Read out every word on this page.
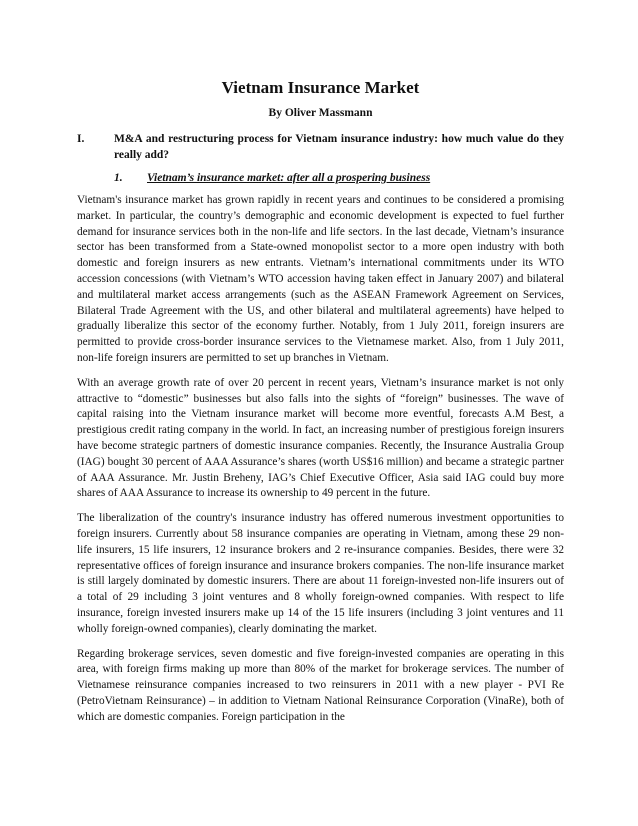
Vietnam Insurance Market

By Oliver Massmann

I.	M&A and restructuring process for Vietnam insurance industry: how much value do they really add?
1.	Vietnam’s insurance market: after all a prospering business

Vietnam's insurance market has grown rapidly in recent years and continues to be considered a promising market. In particular, the country’s demographic and economic development is expected to fuel further demand for insurance services both in the non-life and life sectors. In the last decade, Vietnam’s insurance sector has been transformed from a State-owned monopolist sector to a more open industry with both domestic and foreign insurers as new entrants. Vietnam’s international commitments under its WTO accession concessions (with Vietnam’s WTO accession having taken effect in January 2007) and bilateral and multilateral market access arrangements (such as the ASEAN Framework Agreement on Services, Bilateral Trade Agreement with the US, and other bilateral and multilateral agreements) have helped to gradually liberalize this sector of the economy further. Notably, from 1 July 2011, foreign insurers are permitted to provide cross-border insurance services to the Vietnamese market. Also, from 1 July 2011, non-life foreign insurers are permitted to set up branches in Vietnam.

With an average growth rate of over 20 percent in recent years, Vietnam’s insurance market is not only attractive to “domestic” businesses but also falls into the sights of “foreign” businesses. The wave of capital raising into the Vietnam insurance market will become more eventful, forecasts A.M Best, a prestigious credit rating company in the world. In fact, an increasing number of prestigious foreign insurers have become strategic partners of domestic insurance companies. Recently, the Insurance Australia Group (IAG) bought 30 percent of AAA Assurance’s shares (worth US$16 million) and became a strategic partner of AAA Assurance. Mr. Justin Breheny, IAG’s Chief Executive Officer, Asia said IAG could buy more shares of AAA Assurance to increase its ownership to 49 percent in the future.

The liberalization of the country's insurance industry has offered numerous investment opportunities to foreign insurers. Currently about 58 insurance companies are operating in Vietnam, among these 29 non-life insurers, 15 life insurers, 12 insurance brokers and 2 re-insurance companies. Besides, there were 32 representative offices of foreign insurance and insurance brokers companies. The non-life insurance market is still largely dominated by domestic insurers. There are about 11 foreign-invested non-life insurers out of a total of 29 including 3 joint ventures and 8 wholly foreign-owned companies. With respect to life insurance, foreign invested insurers make up 14 of the 15 life insurers (including 3 joint ventures and 11 wholly foreign-owned companies), clearly dominating the market.

Regarding brokerage services, seven domestic and five foreign-invested companies are operating in this area, with foreign firms making up more than 80% of the market for brokerage services. The number of Vietnamese reinsurance companies increased to two reinsurers in 2011 with a new player - PVI Re (PetroVietnam Reinsurance) – in addition to Vietnam National Reinsurance Corporation (VinaRe), both of which are domestic companies. Foreign participation in the
